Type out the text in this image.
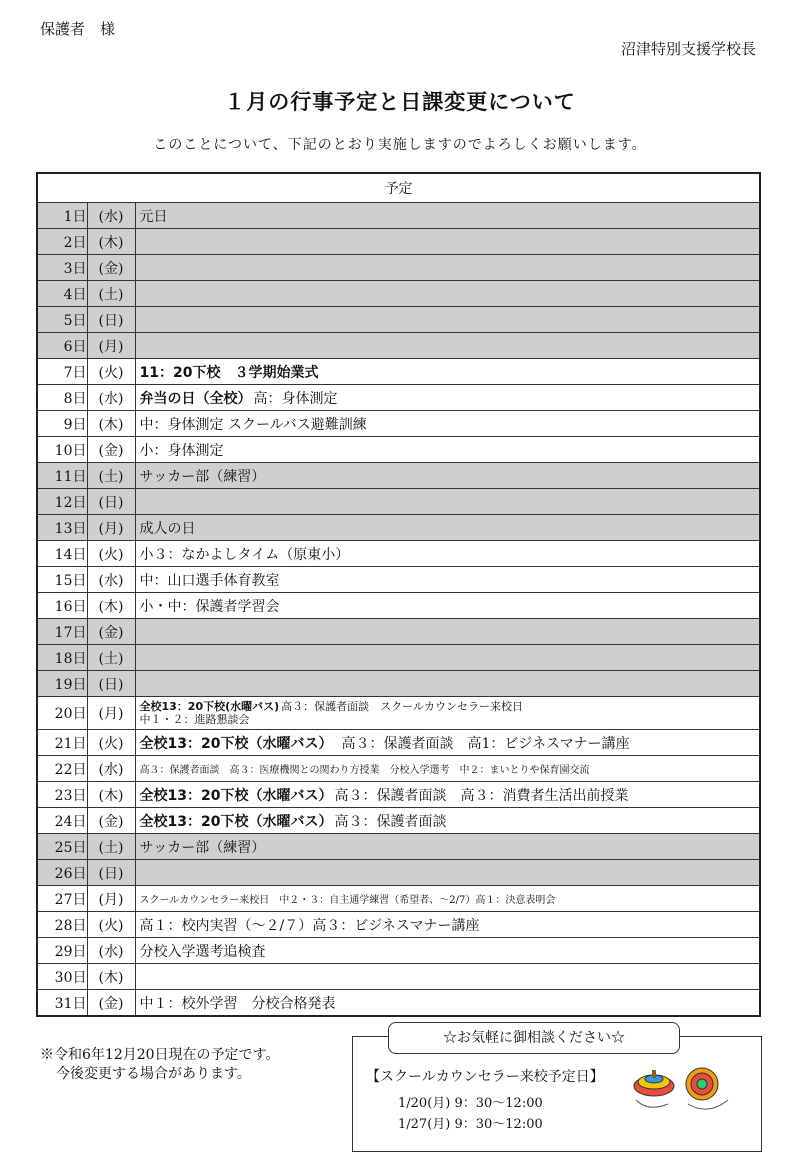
保護者　様
沼津特別支援学校長
１月の行事予定と日課変更について
このことについて、下記のとおり実施しますのでよろしくお願いします。
予定		
1日	(水)	元日
2日	(木)	
3日	(金)	
4日	(土)	
5日	(日)	
6日	(月)	
7日	(火)	11：20下校　３学期始業式
8日	(水)	弁当の日（全校） 高：身体測定
9日	(木)	中：身体測定 スクールバス避難訓練
10日	(金)	小：身体測定
11日	(土)	サッカー部（練習）
12日	(日)	
13日	(月)	成人の日
14日	(火)	小３：なかよしタイム（原東小）
15日	(水)	中：山口選手体育教室
16日	(木)	小・中：保護者学習会
17日	(金)	
18日	(土)	
19日	(日)	
20日	(月)	全校13：20下校(水曜バス) 高３：保護者面談　スクールカウンセラー来校日
中１・２：進路懇談会

21日	(火)	全校13：20下校（水曜バス）　高３：保護者面談　高1：ビジネスマナー講座
22日	(水)	高３：保護者面談　高３：医療機関との関わり方授業　分校入学選考　中２：まいとりや保育園交流
23日	(木)	全校13：20下校（水曜バス） 高３：保護者面談　高３：消費者生活出前授業
24日	(金)	全校13：20下校（水曜バス） 高３：保護者面談
25日	(土)	サッカー部（練習）
26日	(日)	
27日	(月)	スクールカウンセラー来校日　中２・３：自主通学練習（希望者、～2/7）高１：決意表明会
28日	(火)	高１：校内実習（～２/７）高３：ビジネスマナー講座
29日	(水)	分校入学選考追検査
30日	(木)	
31日	(金)	中１：校外学習　分校合格発表
※令和6年12月20日現在の予定です。
今後変更する場合があります。
☆お気軽に御相談ください☆
【スクールカウンセラー来校予定日】
1/20(月) 9：30～12:00
1/27(月) 9：30～12:00
